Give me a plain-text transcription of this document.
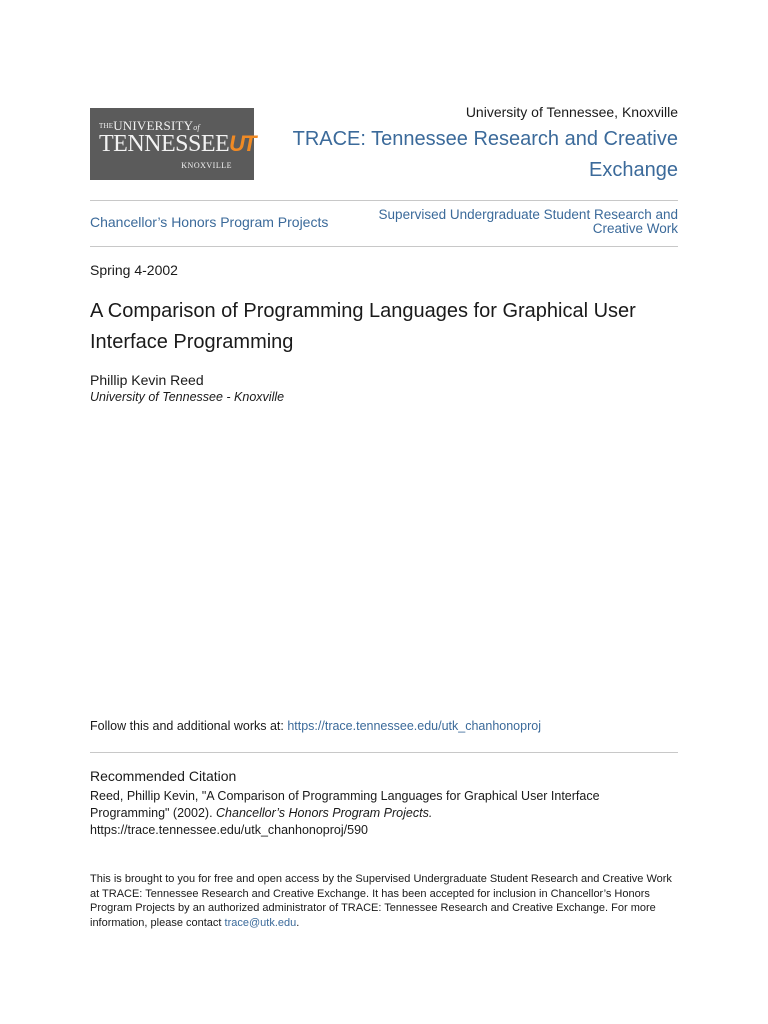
THEUNIVERSITYof
TENNESSEEUT
KNOXVILLE
University of Tennessee, Knoxville
TRACE: Tennessee Research and Creative Exchange
Chancellor’s Honors Program Projects	Supervised Undergraduate Student Research and Creative Work
Spring 4-2002
A Comparison of Programming Languages for Graphical User Interface Programming
Phillip Kevin Reed
University of Tennessee - Knoxville
Follow this and additional works at: https://trace.tennessee.edu/utk_chanhonoproj
Recommended Citation
Reed, Phillip Kevin, "A Comparison of Programming Languages for Graphical User Interface Programming" (2002). Chancellor’s Honors Program Projects.
https://trace.tennessee.edu/utk_chanhonoproj/590
This is brought to you for free and open access by the Supervised Undergraduate Student Research and Creative Work at TRACE: Tennessee Research and Creative Exchange. It has been accepted for inclusion in Chancellor’s Honors Program Projects by an authorized administrator of TRACE: Tennessee Research and Creative Exchange. For more information, please contact trace@utk.edu.
